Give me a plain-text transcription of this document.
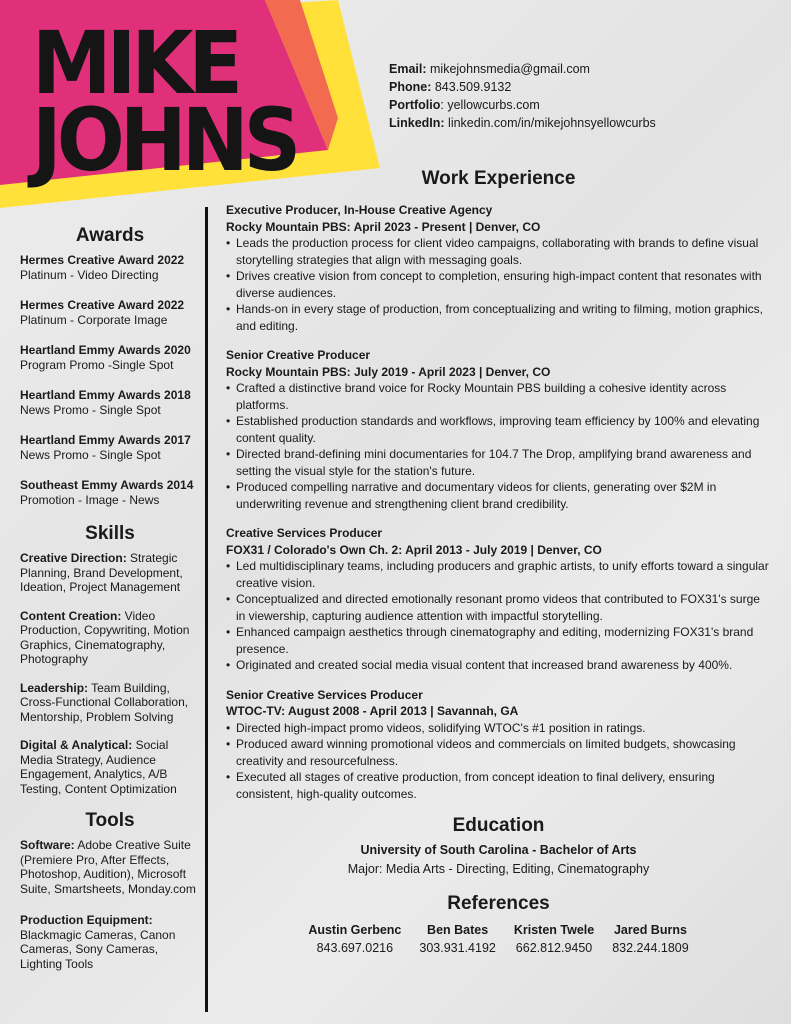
MIKE
JOHNS
Email: mikejohnsmedia@gmail.com
Phone: 843.509.9132
Portfolio: yellowcurbs.com
LinkedIn: linkedin.com/in/mikejohnsyellowcurbs
Awards
Hermes Creative Award 2022
Platinum - Video Directing
Hermes Creative Award 2022
Platinum - Corporate Image
Heartland Emmy Awards 2020
Program Promo -Single Spot
Heartland Emmy Awards 2018
News Promo - Single Spot
Heartland Emmy Awards 2017
News Promo - Single Spot
Southeast Emmy Awards 2014
Promotion - Image - News
Skills
Creative Direction: Strategic Planning, Brand Development, Ideation, Project Management
Content Creation: Video Production, Copywriting, Motion Graphics, Cinematography, Photography
Leadership: Team Building, Cross-Functional Collaboration, Mentorship, Problem Solving
Digital & Analytical: Social Media Strategy, Audience Engagement, Analytics, A/B Testing, Content Optimization
Tools
Software: Adobe Creative Suite (Premiere Pro, After Effects, Photoshop, Audition), Microsoft Suite, Smartsheets, Monday.com
Production Equipment:
Blackmagic Cameras, Canon Cameras, Sony Cameras, Lighting Tools
Work Experience
Executive Producer, In-House Creative Agency
Rocky Mountain PBS: April 2023 - Present | Denver, CO
• Leads the production process for client video campaigns, collaborating with brands to define visual storytelling strategies that align with messaging goals.
• Drives creative vision from concept to completion, ensuring high-impact content that resonates with diverse audiences.
• Hands-on in every stage of production, from conceptualizing and writing to filming, motion graphics, and editing.
Senior Creative Producer
Rocky Mountain PBS: July 2019 - April 2023 | Denver, CO
• Crafted a distinctive brand voice for Rocky Mountain PBS building a cohesive identity across platforms.
• Established production standards and workflows, improving team efficiency by 100% and elevating content quality.
• Directed brand-defining mini documentaries for 104.7 The Drop, amplifying brand awareness and setting the visual style for the station's future.
• Produced compelling narrative and documentary videos for clients, generating over $2M in underwriting revenue and strengthening client brand credibility.
Creative Services Producer
FOX31 / Colorado's Own Ch. 2: April 2013 - July 2019 | Denver, CO
• Led multidisciplinary teams, including producers and graphic artists, to unify efforts toward a singular creative vision.
• Conceptualized and directed emotionally resonant promo videos that contributed to FOX31's surge in viewership, capturing audience attention with impactful storytelling.
• Enhanced campaign aesthetics through cinematography and editing, modernizing FOX31's brand presence.
• Originated and created social media visual content that increased brand awareness by 400%.
Senior Creative Services Producer
WTOC-TV: August 2008 - April 2013 | Savannah, GA
• Directed high-impact promo videos, solidifying WTOC's #1 position in ratings.
• Produced award winning promotional videos and commercials on limited budgets, showcasing creativity and resourcefulness.
• Executed all stages of creative production, from concept ideation to final delivery, ensuring consistent, high-quality outcomes.
Education
University of South Carolina - Bachelor of Arts
Major: Media Arts - Directing, Editing, Cinematography
References
Austin Gerbenc
843.697.0216
Ben Bates
303.931.4192
Kristen Twele
662.812.9450
Jared Burns
832.244.1809
